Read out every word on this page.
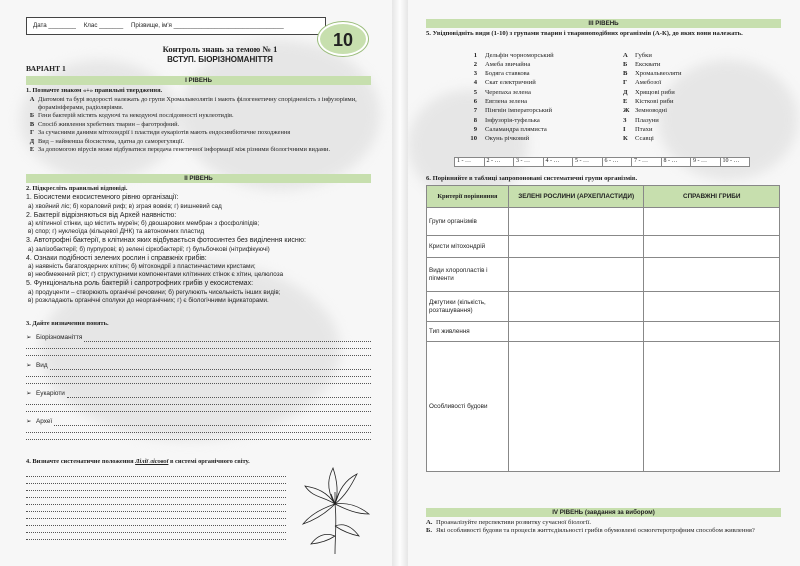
Дата ________ Клас _______ Прізвище, ім'я ________________________________
10
Контроль знань за темою № 1
ВСТУП. БІОРІЗНОМАНІТТЯ
ВАРІАНТ 1
І РІВЕНЬ
1. Позначте знаком «+» правильні твердження.
А Діатомові та бурі водорості належать до групи Хромальвеолятів і мають філогенетичну спорідненість з інфузоріями, форамініферами, радіоляріями.
Б Гени бактерій містять кодуючі та некодуючі послідовності нуклеотидів.
В Спосіб живлення хребетних тварин – фаготрофний.
Г За сучасними даними мітохондрії і пластиди еукаріотів мають ендосимбіотичне походження
Д Вид – найменша біосистема, здатна до саморегуляції.
Е За допомогою вірусів може відбуватися передача генетичної інформації між різними біологічними видами.
ІІ РІВЕНЬ
2. Підкресліть правильні відповіді.
1. Біосистеми екосистемного рівню організації:
а) хвойний ліс; б) кораловий риф; в) зграя вовків; г) вишневий сад
2. Бактерії відрізняються від Архей наявністю:
а) клітинної стінки, що містить муреїн; б) двошарових мембран з фосфоліпідів;
в) спор; г) нуклеоїда (кільцевої ДНК) та автономних пластид
3. Автотрофні бактерії, в клітинах яких відбувається фотосинтез без виділення кисню:
а) залізобактерії; б) пурпурові; в) зелені сіркобактерії; г) бульбочкові (нітрифікуючі)
4. Ознаки подібності зелених рослин і справжніх грибів:
а) наявність багатоядерних клітин; б) мітохондрії з пластинчастими кристами;
в) необмежений ріст; г) структурними компонентами клітинних стінок є хітин, целюлоза
5. Функціональна роль бактерій і сапротрофних грибів у екосистемах:
а) продуценти – створюють органічні речовини; б) регулюють чисельність інших видів;
в) розкладають органічні сполуки до неорганічних; г) є біологічними індикаторами.
3. Дайте визначення понять.
➢ Біорізноманіття
➢ Вид
➢ Еукаріоти
➢ Археї
4. Визначте систематичне положення Лілії лісової в системі органічного світу.
ІІІ РІВЕНЬ
5. Увідповідніть види (1-10) з групами тварин і твариноподібних організмів (А-К), до яких вони належать.
1 Дельфін чорноморський	А	Губки
2 Амеба звичайна	Б	Ексквати
3 Бодяга ставкова	В	Хромальвеоляти
4 Скат електричний	Г	Амебозої
5 Черепаха зелена	Д	Хрящові риби
6 Евглена зелена	Е	Кісткові риби
7 Пінгвін імператорський	Ж Земноводні
8 Інфузорія-туфелька	З	Плазуни
9 Саламандра плямиста	І	Птахи
10 Окунь річковий	К	Ссавці
1 - …	2 - …	3 - …	4 - …	5 - …	6 - …	7 - …	8 - …	9 - …	10 - …
6. Порівняйте в таблиці запропоновані систематичні групи організмів.
Критерії порівняння	ЗЕЛЕНІ РОСЛИНИ (АРХЕПЛАСТИДИ)	СПРАВЖНІ ГРИБИ
Групи організмів		
Кристи мітохондрій		
Види хлоропластів і пігменти		
Джгутики (кількість, розташування)		
Тип живлення		
Особливості будови		
IV РІВЕНЬ (завдання за вибором)
А. Проаналізуйте перспективи розвитку сучасної біології.
Б. Які особливості будови та процесів життєдіяльності грибів обумовлені осмогетеротрофним способом живлення?
